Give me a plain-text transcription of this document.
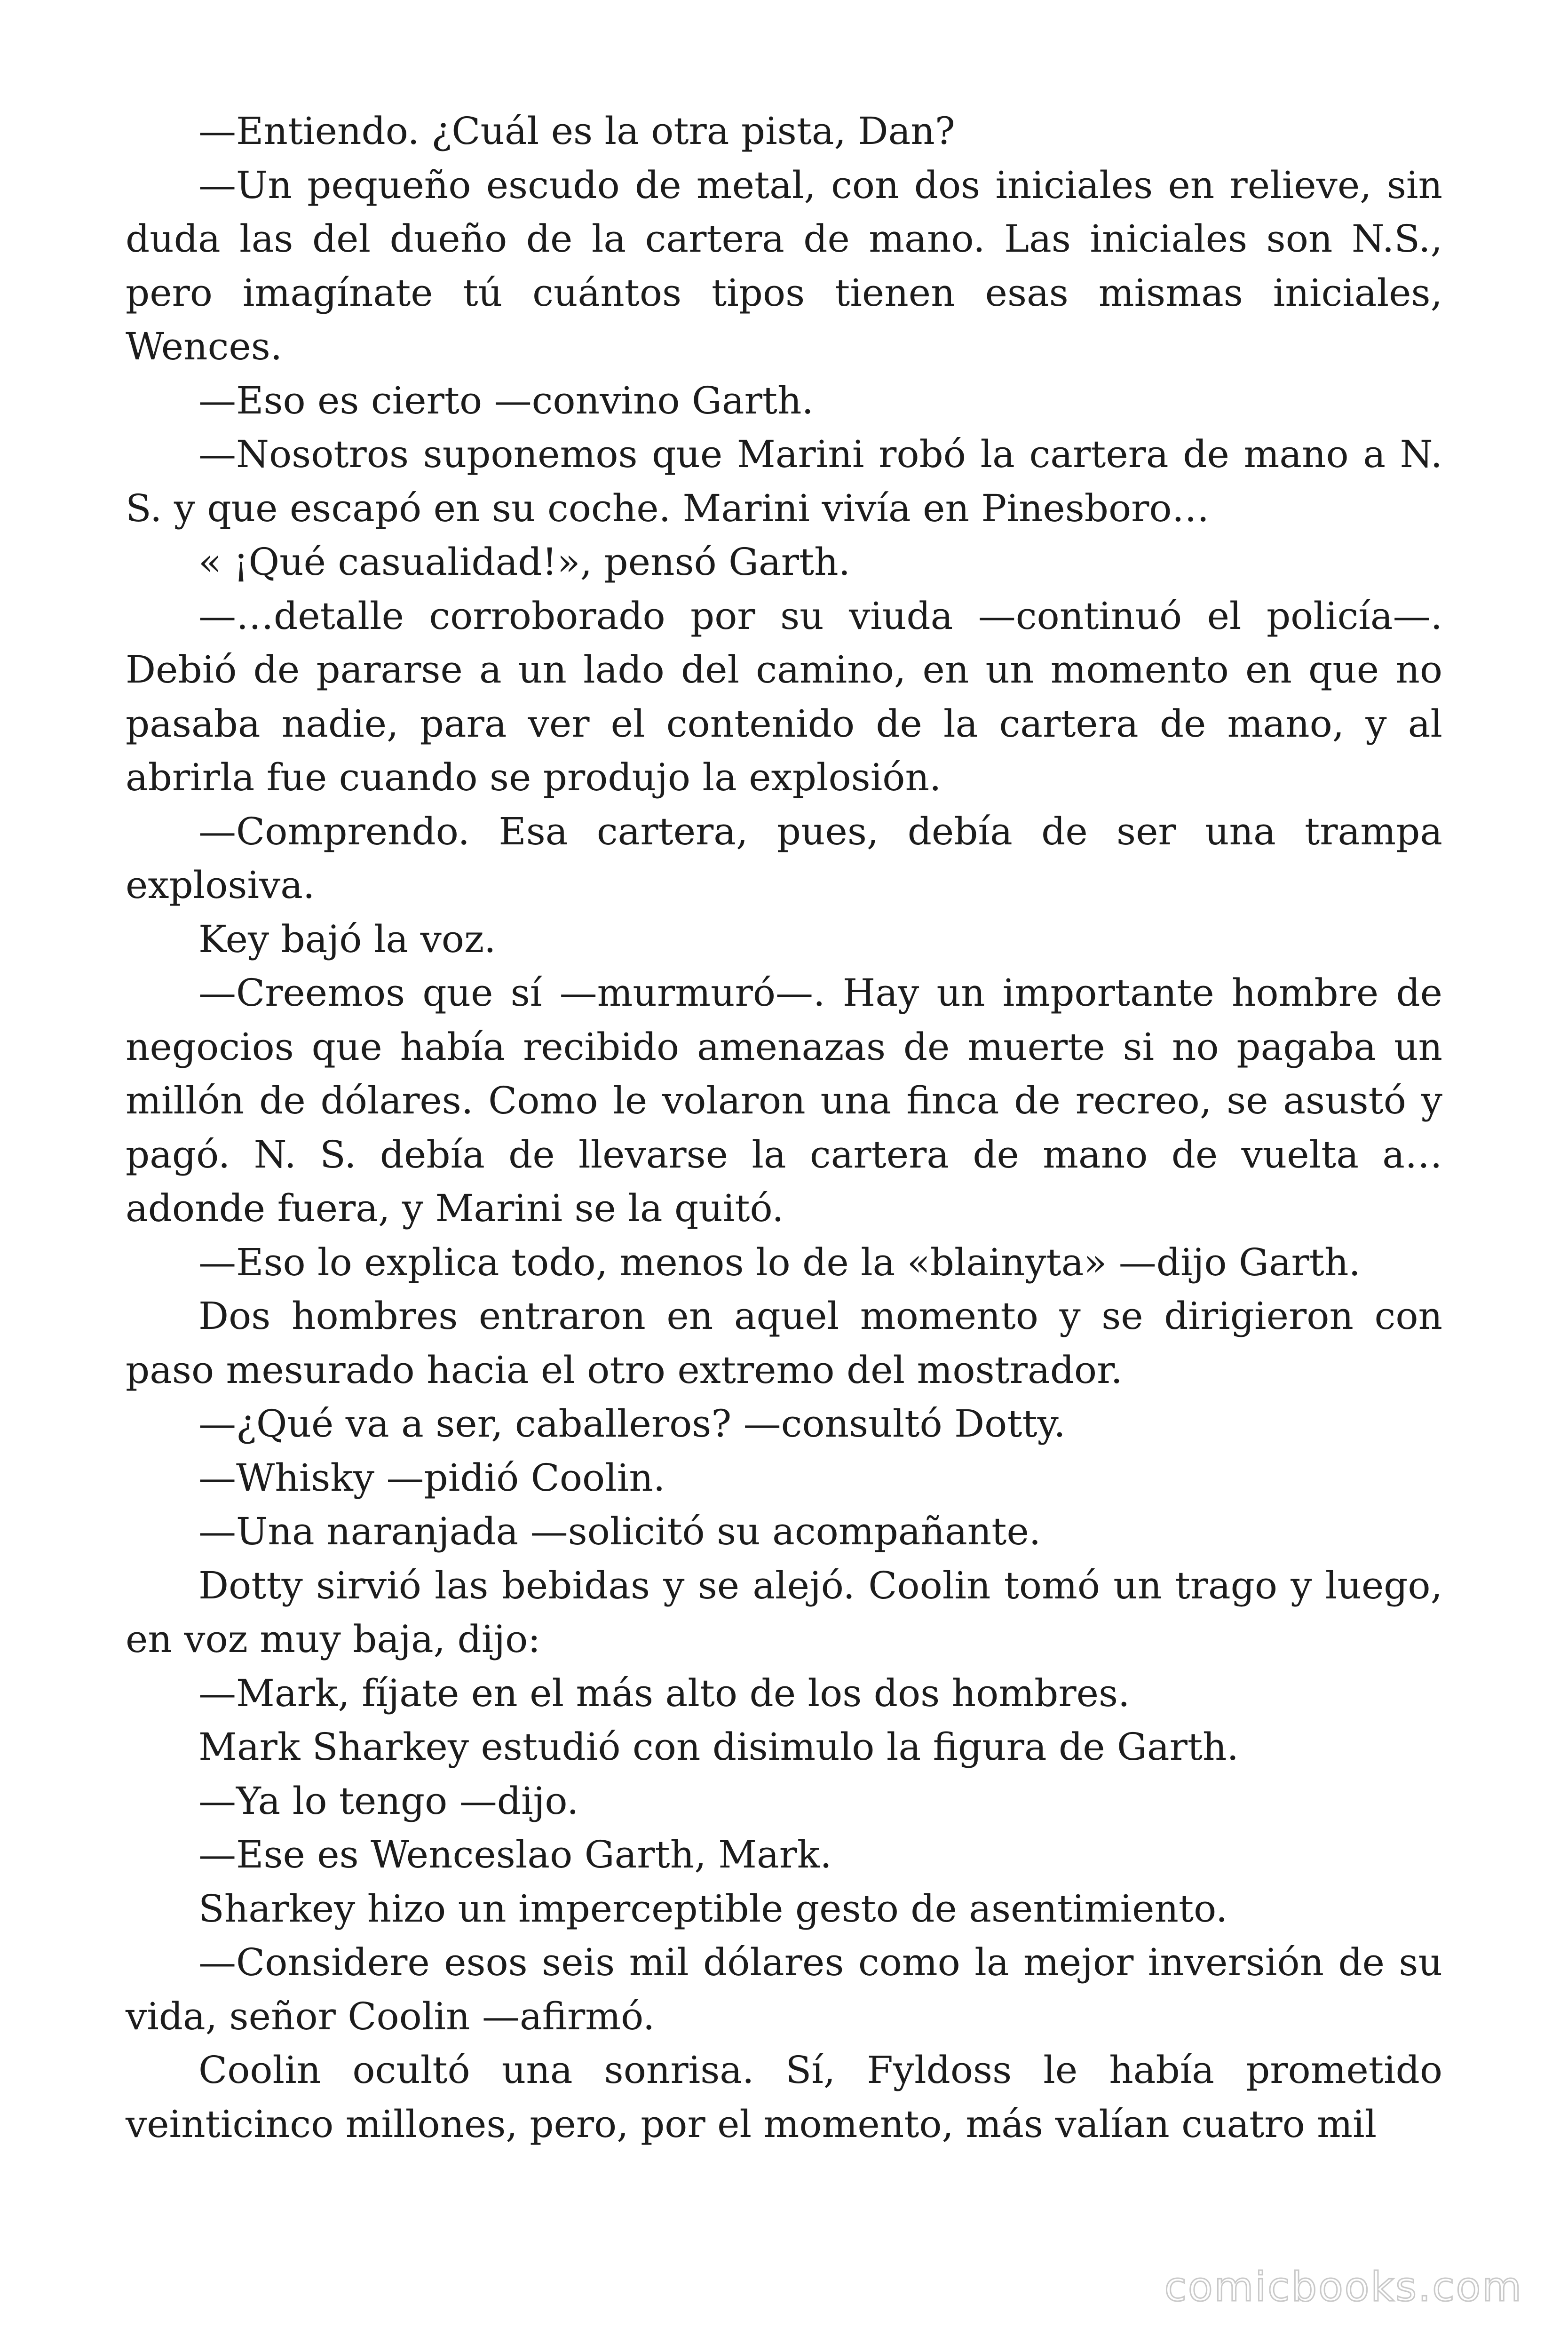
—Entiendo. ¿Cuál es la otra pista, Dan?

—Un pequeño escudo de metal, con dos iniciales en relieve, sin duda las del dueño de la cartera de mano. Las iniciales son N.S., pero imagínate tú cuántos tipos tienen esas mismas iniciales, Wences.

—Eso es cierto —convino Garth.

—Nosotros suponemos que Marini robó la cartera de mano a N. S. y que escapó en su coche. Marini vivía en Pinesboro…

« ¡Qué casualidad!», pensó Garth.

—…detalle corroborado por su viuda —continuó el policía—. Debió de pararse a un lado del camino, en un momento en que no pasaba nadie, para ver el contenido de la cartera de mano, y al abrirla fue cuando se produjo la explosión.

—Comprendo. Esa cartera, pues, debía de ser una trampa explosiva.

Key bajó la voz.

—Creemos que sí —murmuró—. Hay un importante hombre de negocios que había recibido amenazas de muerte si no pagaba un millón de dólares. Como le volaron una finca de recreo, se asustó y pagó. N. S. debía de llevarse la cartera de mano de vuelta a… adonde fuera, y Marini se la quitó.

—Eso lo explica todo, menos lo de la «blainyta» —dijo Garth.

Dos hombres entraron en aquel momento y se dirigieron con paso mesurado hacia el otro extremo del mostrador.

—¿Qué va a ser, caballeros? —consultó Dotty.

—Whisky —pidió Coolin.

—Una naranjada —solicitó su acompañante.

Dotty sirvió las bebidas y se alejó. Coolin tomó un trago y luego, en voz muy baja, dijo:

—Mark, fíjate en el más alto de los dos hombres.

Mark Sharkey estudió con disimulo la figura de Garth.

—Ya lo tengo —dijo.

—Ese es Wenceslao Garth, Mark.

Sharkey hizo un imperceptible gesto de asentimiento.

—Considere esos seis mil dólares como la mejor inversión de su vida, señor Coolin —afirmó.

Coolin ocultó una sonrisa. Sí, Fyldoss le había prometido veinticinco millones, pero, por el momento, más valían cuatro mil

comicbooks.com
